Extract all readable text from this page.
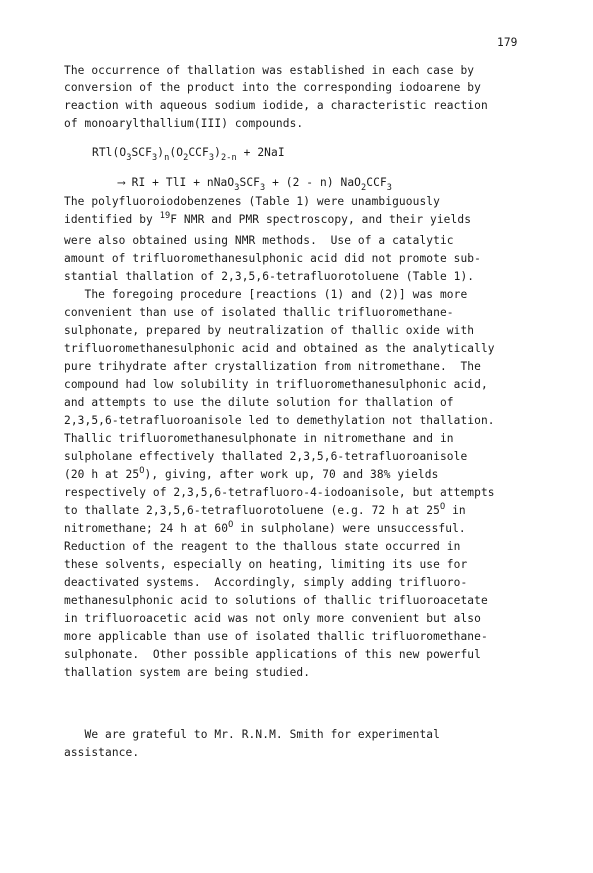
179
The occurrence of thallation was established in each case by
conversion of the product into the corresponding iodoarene by
reaction with aqueous sodium iodide, a characteristic reaction
of monoarylthallium(III) compounds.
$RTl(O_3SCF_3)_n(O_2CCF_3)_{2-n} + 2NaI$
⟶ RI + TlI + $nNaO_3SCF_3 + (2 - n)$ $NaO_2CCF_3$
The polyfluoroiodobenzenes (Table 1) were unambiguously
identified by $^{19}$F NMR and PMR spectroscopy, and their yields
were also obtained using NMR methods.  Use of a catalytic
amount of trifluoromethanesulphonic acid did not promote sub-
stantial thallation of 2,3,5,6-tetrafluorotoluene (Table 1).
The foregoing procedure [reactions (1) and (2)] was more
convenient than use of isolated thallic trifluoromethane-
sulphonate, prepared by neutralization of thallic oxide with
trifluoromethanesulphonic acid and obtained as the analytically
pure trihydrate after crystallization from nitromethane.  The
compound had low solubility in trifluoromethanesulphonic acid,
and attempts to use the dilute solution for thallation of
2,3,5,6-tetrafluoroanisole led to demethylation not thallation.
Thallic trifluoromethanesulphonate in nitromethane and in
sulpholane effectively thallated 2,3,5,6-tetrafluoroanisole
(20 h at $25^O$), giving, after work up, 70 and 38% yields
respectively of 2,3,5,6-tetrafluoro-4-iodoanisole, but attempts
to thallate 2,3,5,6-tetrafluorotoluene (e.g. 72 h at $25^O$ in
nitromethane; 24 h at $60^O$ in sulpholane) were unsuccessful.
Reduction of the reagent to the thallous state occurred in
these solvents, especially on heating, limiting its use for
deactivated systems.  Accordingly, simply adding trifluoro-
methanesulphonic acid to solutions of thallic trifluoroacetate
in trifluoroacetic acid was not only more convenient but also
more applicable than use of isolated thallic trifluoromethane-
sulphonate.  Other possible applications of this new powerful
thallation system are being studied.
We are grateful to Mr. R.N.M. Smith for experimental
assistance.
